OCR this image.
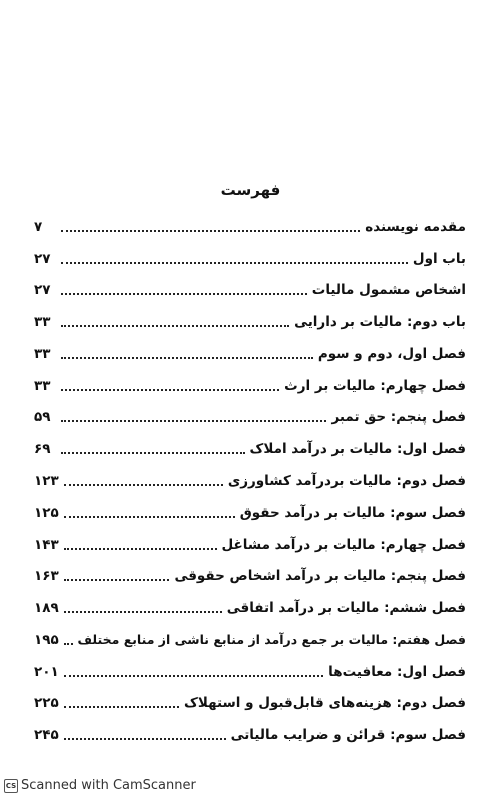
فهرست
مقدمه نویسنده
۷
باب اول
۲۷
اشخاص مشمول مالیات
۲۷
باب دوم: مالیات بر دارایی
۳۳
فصل اول، دوم و سوم
۳۳
فصل چهارم: مالیات بر ارث
۳۳
فصل پنجم: حق تمبر
۵۹
فصل اول: مالیات بر درآمد املاک
۶۹
فصل دوم: مالیات بردرآمد کشاورزی
۱۲۳
فصل سوم: مالیات بر درآمد حقوق
۱۲۵
فصل چهارم: مالیات بر درآمد مشاغل
۱۴۳
فصل پنجم: مالیات بر درآمد اشخاص حقوقی
۱۶۳
فصل ششم: مالیات بر درآمد اتفاقی
۱۸۹
فصل هفتم: مالیات بر جمع درآمد از منابع ناشی از منابع مختلف
۱۹۵
فصل اول: معافیت‌ها
۲۰۱
فصل دوم: هزینه‌های قابل‌قبول و استهلاک
۲۲۵
فصل سوم: قرائن و ضرایب مالیاتی
۲۴۵
CS Scanned with CamScanner
